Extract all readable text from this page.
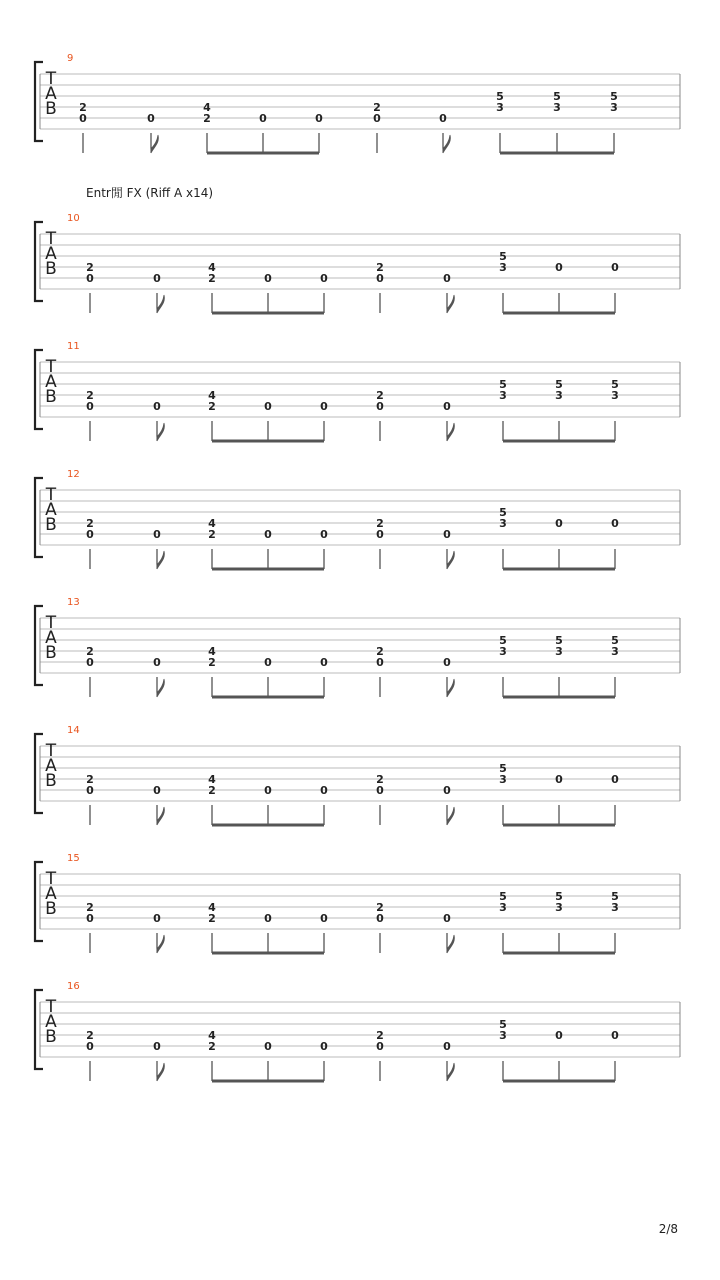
T
A
B
9
2
0	0
4
2	0	0
2
0	0
5
3
5
3
5
3
T
A
B
10
2
0	0
4
2	0	0
2
0	0
5
3	0	0
T
A
B
11
2
0	0
4
2	0	0
2
0	0
5
3
5
3
5
3
T
A
B
12
2
0	0
4
2	0	0
2
0	0
5
3	0	0
T
A
B
13
2
0	0
4
2	0	0
2
0	0
5
3
5
3
5
3
T
A
B
14
2
0	0
4
2	0	0
2
0	0
5
3	0	0
T
A
B
15
2
0	0
4
2	0	0
2
0	0
5
3
5
3
5
3
T
A
B
16
2
0	0
4
2	0	0
2
0	0
5
3	0	0
Entr閒 FX (Riff A x14)
2/8
